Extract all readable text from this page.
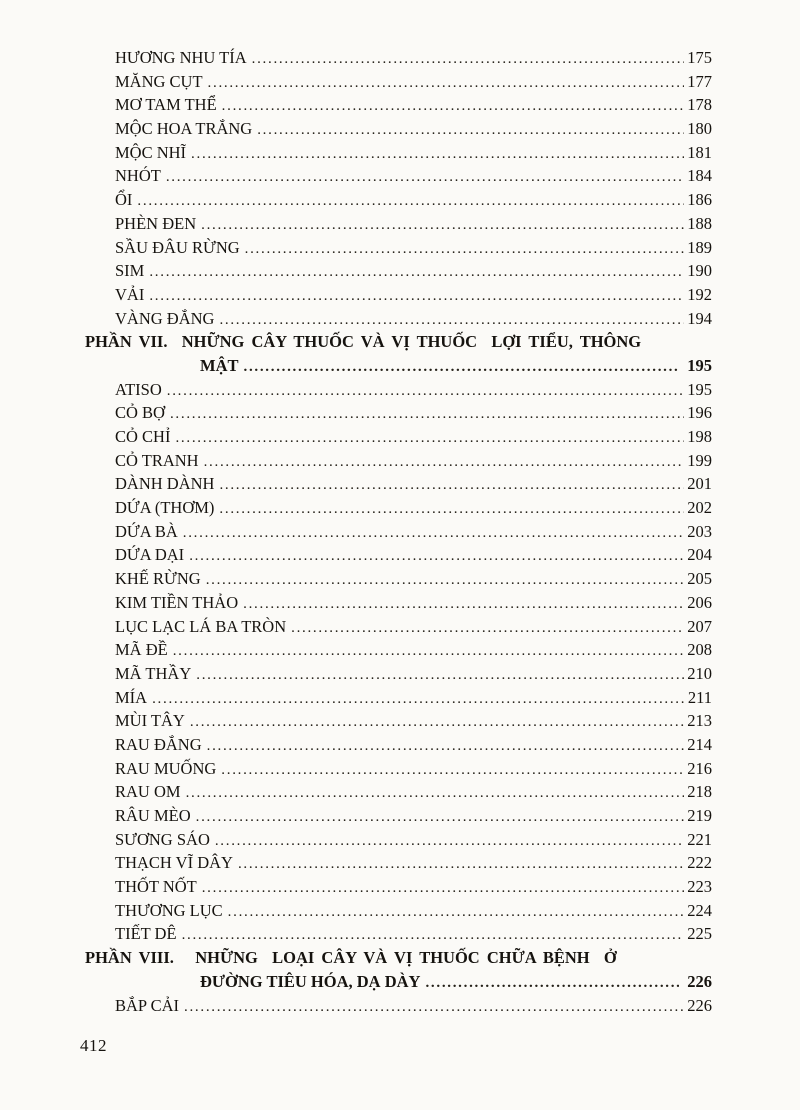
HƯƠNG NHU TÍA .....	175
MĂNG CỤT .....	177
MƠ TAM THỂ .....	178
MỘC HOA TRẮNG .....	180
MỘC NHĨ .....	181
NHÓT .....	184
ỔI .....	186
PHÈN ĐEN .....	188
SẦU ĐÂU RỪNG .....	189
SIM .....	190
VẢI .....	192
VÀNG ĐẮNG .....	194
PHẦN VII.  NHỮNG CÂY THUỐC VÀ VỊ THUỐC  LỢI TIỂU, THÔNG
MẬT .....	195
ATISO .....	195
CỎ BỢ .....	196
CỎ CHỈ .....	198
CỎ TRANH .....	199
DÀNH DÀNH .....	201
DỨA (THƠM) .....	202
DỨA BÀ .....	203
DỨA DẠI .....	204
KHẾ RỪNG .....	205
KIM TIỀN THẢO .....	206
LỤC LẠC LÁ BA TRÒN .....	207
MÃ ĐỀ .....	208
MÃ THẦY .....	210
MÍA .....	211
MÙI TÂY .....	213
RAU ĐẮNG .....	214
RAU MUỐNG .....	216
RAU OM .....	218
RÂU MÈO .....	219
SƯƠNG SÁO .....	221
THẠCH VĨ DÂY .....	222
THỐT NỐT .....	223
THƯƠNG LỤC .....	224
TIẾT DÊ .....	225
PHẦN VIII.   NHỮNG  LOẠI CÂY VÀ VỊ THUỐC CHỮA BỆNH  Ở
ĐƯỜNG TIÊU HÓA, DẠ DÀY .....	226
BẮP CẢI .....	226
412
